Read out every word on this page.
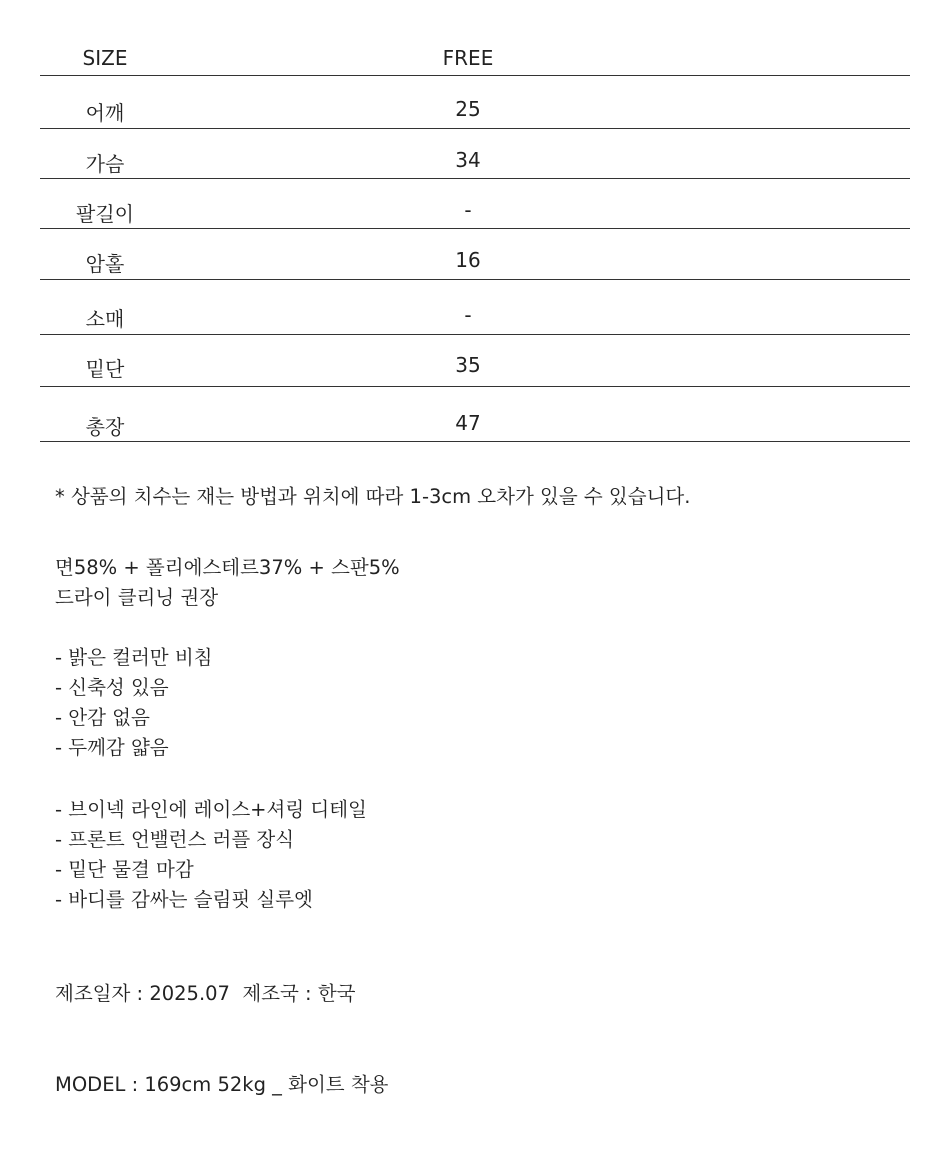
SIZE	FREE
어깨	25
가슴	34
팔길이	-
암홀	16
소매	-
밑단	35
총장	47
* 상품의 치수는 재는 방법과 위치에 따라 1-3cm 오차가 있을 수 있습니다.
면58% + 폴리에스테르37% + 스판5%
드라이 클리닝 권장
- 밝은 컬러만 비침
- 신축성 있음
- 안감 없음
- 두께감 얇음
- 브이넥 라인에 레이스+셔링 디테일
- 프론트 언밸런스 러플 장식
- 밑단 물결 마감
- 바디를 감싸는 슬림핏 실루엣
제조일자 : 2025.07  제조국 : 한국
MODEL : 169cm 52kg _ 화이트 착용
